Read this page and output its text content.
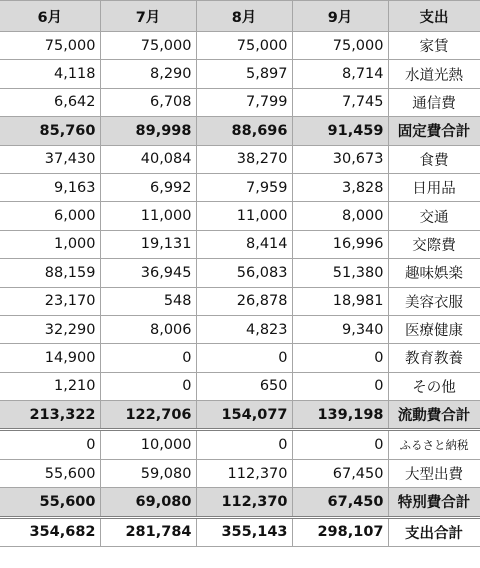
6月	7月	8月	9月	支出
75,000	75,000	75,000	75,000	家賃
4,118	8,290	5,897	8,714	水道光熱
6,642	6,708	7,799	7,745	通信費
85,760	89,998	88,696	91,459	固定費合計
37,430	40,084	38,270	30,673	食費
9,163	6,992	7,959	3,828	日用品
6,000	11,000	11,000	8,000	交通
1,000	19,131	8,414	16,996	交際費
88,159	36,945	56,083	51,380	趣味娯楽
23,170	548	26,878	18,981	美容衣服
32,290	8,006	4,823	9,340	医療健康
14,900	0	0	0	教育教養
1,210	0	650	0	その他
213,322	122,706	154,077	139,198	流動費合計
0	10,000	0	0	ふるさと納税
55,600	59,080	112,370	67,450	大型出費
55,600	69,080	112,370	67,450	特別費合計
354,682	281,784	355,143	298,107	支出合計
